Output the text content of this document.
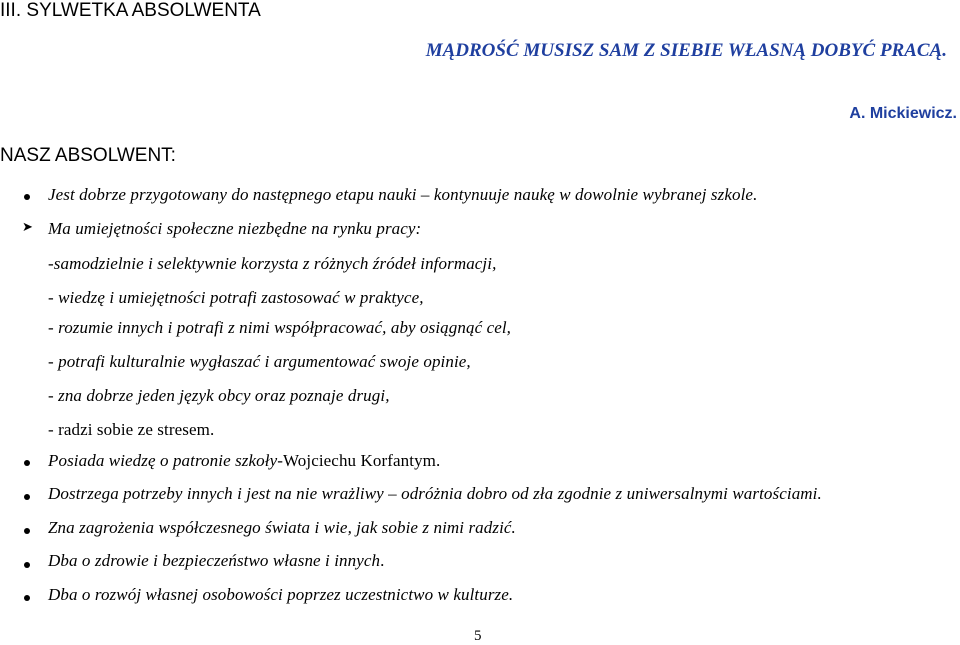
III. SYLWETKA ABSOLWENTA
MĄDROŚĆ MUSISZ SAM Z SIEBIE WŁASNĄ DOBYĆ PRACĄ.
A. Mickiewicz.
NASZ ABSOLWENT:
Jest dobrze przygotowany do następnego etapu nauki – kontynuuje naukę w dowolnie wybranej szkole.
➤ Ma umiejętności społeczne niezbędne na rynku pracy:
-samodzielnie i selektywnie korzysta z różnych źródeł informacji,
- wiedzę i umiejętności potrafi zastosować w praktyce,
- rozumie innych i potrafi z nimi współpracować, aby osiągnąć cel,
- potrafi kulturalnie wygłaszać i argumentować swoje opinie,
- zna dobrze jeden język obcy oraz poznaje drugi,
- radzi sobie ze stresem.
Posiada wiedzę o patronie szkoły-Wojciechu Korfantym.
Dostrzega potrzeby innych i jest na nie wrażliwy – odróżnia dobro od zła zgodnie z uniwersalnymi wartościami.
Zna zagrożenia współczesnego świata i wie, jak sobie z nimi radzić.
Dba o zdrowie i bezpieczeństwo własne i innych.
Dba o rozwój własnej osobowości poprzez uczestnictwo w kulturze.
5
